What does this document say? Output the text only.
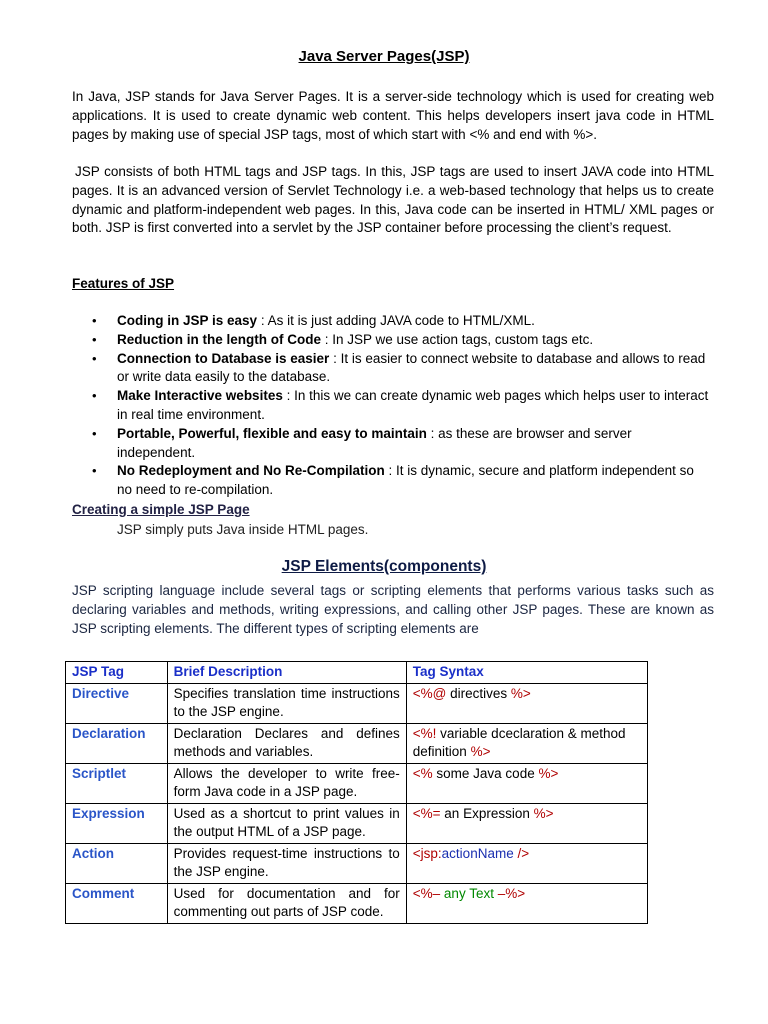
Java Server Pages(JSP)
In Java, JSP stands for Java Server Pages. It is a server-side technology which is used for creating web applications. It is used to create dynamic web content. This helps developers insert java code in HTML pages by making use of special JSP tags, most of which start with <% and end with %>.
JSP consists of both HTML tags and JSP tags. In this, JSP tags are used to insert JAVA code into HTML pages. It is an advanced version of Servlet Technology i.e. a web-based technology that helps us to create dynamic and platform-independent web pages. In this, Java code can be inserted in HTML/ XML pages or both. JSP is first converted into a servlet by the JSP container before processing the client’s request.
Features of JSP
• Coding in JSP is easy : As it is just adding JAVA code to HTML/XML.
• Reduction in the length of Code : In JSP we use action tags, custom tags etc.
• Connection to Database is easier : It is easier to connect website to database and allows to read or write data easily to the database.
• Make Interactive websites : In this we can create dynamic web pages which helps user to interact in real time environment.
• Portable, Powerful, flexible and easy to maintain : as these are browser and server independent.
• No Redeployment and No Re-Compilation : It is dynamic, secure and platform independent so no need to re-compilation.
Creating a simple JSP Page
JSP simply puts Java inside HTML pages.
JSP Elements(components)
JSP scripting language include several tags or scripting elements that performs various tasks such as declaring variables and methods, writing expressions, and calling other JSP pages. These are known as JSP scripting elements. The different types of scripting elements are
JSP Tag	Brief Description	Tag Syntax
Directive	Specifies translation time instructions to the JSP engine.	<%@ directives %>
Declaration	Declaration Declares and defines methods and variables.	<%! variable dceclaration & method definition %>
Scriptlet	Allows the developer to write free-form Java code in a JSP page.	<% some Java code %>
Expression	Used as a shortcut to print values in the output HTML of a JSP page.	<%= an Expression %>
Action	Provides request-time instructions to the JSP engine.	<jsp:actionName />
Comment	Used for documentation and for commenting out parts of JSP code.	<%– any Text –%>
